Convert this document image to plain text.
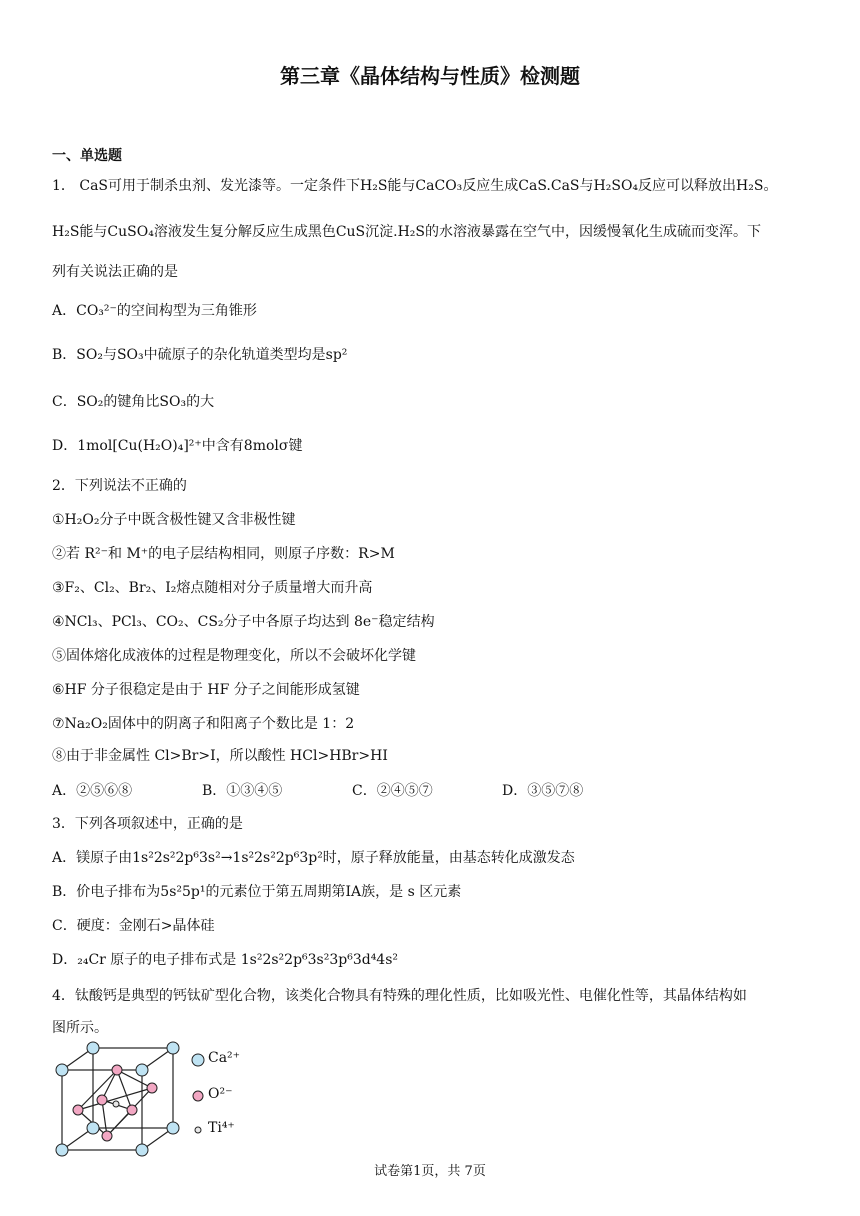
第三章《晶体结构与性质》检测题
一、单选题
1． CaS可用于制杀虫剂、发光漆等。一定条件下H₂S能与CaCO₃反应生成CaS.CaS与H₂SO₄反应可以释放出H₂S。
H₂S能与CuSO₄溶液发生复分解反应生成黑色CuS沉淀.H₂S的水溶液暴露在空气中，因缓慢氧化生成硫而变浑。下
列有关说法正确的是
A．CO₃²⁻的空间构型为三角锥形
B．SO₂与SO₃中硫原子的杂化轨道类型均是sp²
C．SO₂的键角比SO₃的大
D．1mol[Cu(H₂O)₄]²⁺中含有8molσ键
2．下列说法不正确的
①H₂O₂分子中既含极性键又含非极性键
②若 R²⁻和 M⁺的电子层结构相同，则原子序数：R>M
③F₂、Cl₂、Br₂、I₂熔点随相对分子质量增大而升高
④NCl₃、PCl₃、CO₂、CS₂分子中各原子均达到 8e⁻稳定结构
⑤固体熔化成液体的过程是物理变化，所以不会破坏化学键
⑥HF 分子很稳定是由于 HF 分子之间能形成氢键
⑦Na₂O₂固体中的阴离子和阳离子个数比是 1：2
⑧由于非金属性 Cl>Br>I，所以酸性 HCl>HBr>HI
A．②⑤⑥⑧	B．①③④⑤	C．②④⑤⑦	D．③⑤⑦⑧
3．下列各项叙述中，正确的是
A．镁原子由1s²2s²2p⁶3s²→1s²2s²2p⁶3p²时，原子释放能量，由基态转化成激发态
B．价电子排布为5s²5p¹的元素位于第五周期第ⅠA族，是 s 区元素
C．硬度：金刚石>晶体硅
D．₂₄Cr 原子的电子排布式是 1s²2s²2p⁶3s²3p⁶3d⁴4s²
4．钛酸钙是典型的钙钛矿型化合物，该类化合物具有特殊的理化性质，比如吸光性、电催化性等，其晶体结构如
图所示。
Ca²⁺
O²⁻
Ti⁴⁺
试卷第1页，共 7页
